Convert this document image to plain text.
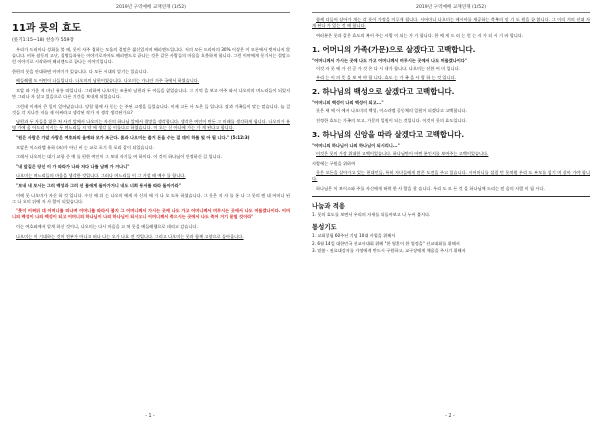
2019년 구역예배 교재연재 (1/52)
11과 룻의 효도
(룻기1:15~18) 찬송가 559장

우리가 드리아나 성회를 볼 때, 룻이 자주 접하는 모움의 결말은 젊신있지며 해피엔드입니다. 저의 모든 드라마의 30% 이상은 이 모른에서 벗어나지 않습니다. 비록 잠동의 고난, 질병들과유는 이야기로지아도 해피엔드로 끝나는 것은 같은 사람들의 마음을 흐뭇하게 합니다. 그런 이야에게 룻기서는 결말스런 이야기로 시작하여 해피엔드로 끝나는 이야기입니다.

한편의 룻을 안대하면 이야기가 있습니다. 다 모든 시대의 알기는 있습니다.

베들레헴 도 어떤이 나들입니다. 나오미의 남편이였습니다. 나오미는 가나안 거주 국에서 하였습니다.

모압 따 가운 지 마닌 유롱 따입니다. 그리하여 나오미는 조용히 남편과 두 아들을 잃었습니다. 그 기억 을 보고 아주 와서 나오미의 며느리들이 되었지만 그러나 자 살고 있을으로 다른 기간을 보내게 되었습니다.

그런데 이제서 큰 일이 일어났습니다. 당할 함께 사 동는 는 주된 고생을 들었습니다. 이제 고든 사 도은 들 입니다. 장과 가족들이 맞는 말습니다. 늘 걸 것들 각 지나간 저를 제 어찌라고 생각된 작가 저 생각 생각된가요?

남편과 두 자들을 잃은 쳐 사건 앞에서 나오미는 자신의 하나님 앞에서 절망을 생각합니다. 생각은 여인이 만든 그 미래를 생각하게 됩니다. 나오미가 유명 가에 옴 아드리 이시는 두 며느리들 지 약 에 생각 돌 이를다고 하였습니다. 이 오는 신 아나에 가는 가 게 된다고 합니다.

"원은 사람은 가알 사람은 여호와의 율예와 모가 조근다. 롬과 나오미는 즐거 돈을 수는 걸 데이 하를 및 아 됩 니다." (5:12:3)

모압은 이스라엘 유하 (조)가 아닌 비 는 교로 포기 목 포리 같이 되었습니다.

그래서 나오미는 대기 교항 중 예 를 편한 여인이 그 보내 자기들 여 하이다. 이 것이 하나님이 인정하신 길 입니다.

"내 앞길은 당신 이 가 따라가 나와 저다 나를 남께 가 거나니"

나오미는 며느리들의 마음을 생각한 것입니다. 그러나 며느리들 이 그 거설 때 예수 를 합니다.

"보내 내 보시는 그러 백성과 그러 선 물애게 돌아가거니 내도 너희 동서를 따라 돌아가라"

이에 룻 나오미가 자신 하 것 입니다. 수신 에 뒤 는 나오미 에게 자 신의 에 가 나 오 도록 하였습니다. 그 룻은 지 자 를 통 나 그 룻의 엔 네 어머니 된 그 나 오미 뒤에 저 사 람이 되었습니다.

"룻이 어쩌뒤 대 어머니를 떠나며 어머니를 따라서 볼지 그 어머니께서 가시는 곳에 나도 가고 어머니께서 머무시는 곳에서 나도 머물겠나이다. 어머니의 백성이 나의 백성이 되고 어머니의 하나님이 나의 하나님이 되시오니 어머니께서 죽으시는 곳에서 나도 죽어 거기 묻힐 것이라"

이는 여호와께서 알게 하신 것이니, 나오미는 다시 마음을 고 쳐 룻을 베들레헴으로 데리고 갔습니다.

나오미는 이 기대하는 것이 전부가 아니고 떠나 나는 오가 나요 진 것입니다. 그리고 나오미는 룻과 함께 고향으로 돌아옵니다.

- 1 -
2019년 구역예배 교재연재 (1/52)

함께 다들어 살아가 개는 각 룻이 가정을 이루게 됩니다. 시어머니 나오미는 메시아를 제공하는 축복의 잇 기 도 원을 끝 봅니다. 그 이의 거의 선대 자 게 된다 가 있는 것 때 합니다.

여러분은 룻과 같은 효도의 복이 주는 사람 이 되는 가 가 합니다. 한 에 게 드 러 는 얻 는 자 가 되 시 기 바 랍니다.

1. 어머니의 가족(가문)으로 살겠다고 고백합니다.
"어머니께서 가시는 곳에 나도 가고 어머니께서 머무시는 곳에서 나도 머물겠나이다"

이것 자 룻 에 가 선 곧 가 것 은 다 시 내가 합니다. 나오미는 선한 어 미 입니다.

우리 는 이 의 뜻 을 보 여 야 합 니다. 효도 는 가 족 을 사 랑 하 는 것 입니다.

2. 하나님의 백성으로 살겠다고 고백합니다.
"어머니의 백성이 나의 백성이 되고..."

룻은 새 에 이 에서 나오미의 백성, 이스라엘 공동체의 일원이 되겠다고 고백합니다.

진정한 효도는 가족의 모고, 가문의 일원이 되는 것입니다. 이것이 룻의 효도입니다.

3. 하나님의 신앙을 따라 살겠다고 고백합니다.
"어머니의 하나님이 나의 하나님이 되시리니..."

이것은 룻의 가장 위대한 고백이었습니다. 하나님만이 어떤 분인지를 보여주는 고백이었습니다.

사람에는 구원을 위하여

룻은 모든을 살아가고 있는 현대인들, 특히 자녀들에게 많은 도전을 주고 있습니다. 시어머니를 섬겼 던 룻처럼 우리 도 부모를 섬기 며 살아 가야 합니다.

하나님은 이 보이스와 주를 자신에게 허락 한 사 람을 찾 습니다. 우리 도 모 든 것 을 하나님께 드리는 믿 음의 사람 이 됩 시다.

나눔과 적용
1. 룻의 효도를 보면서 우리의 자세를 되돌아보고 나 누어 봅시다.
통성기도
1. 교회창립 60주년 기념 10대 사업을 위해서
2. 6월 14일 대한민국 선교사대회 위해 "한 영혼이 한 열정을" 선교대회를 위해서
3. 말씀 - 권요대강자를 가정에게 반드시 구원하고, 교구장에게 채움을 주시기 위해서
- 2 -
